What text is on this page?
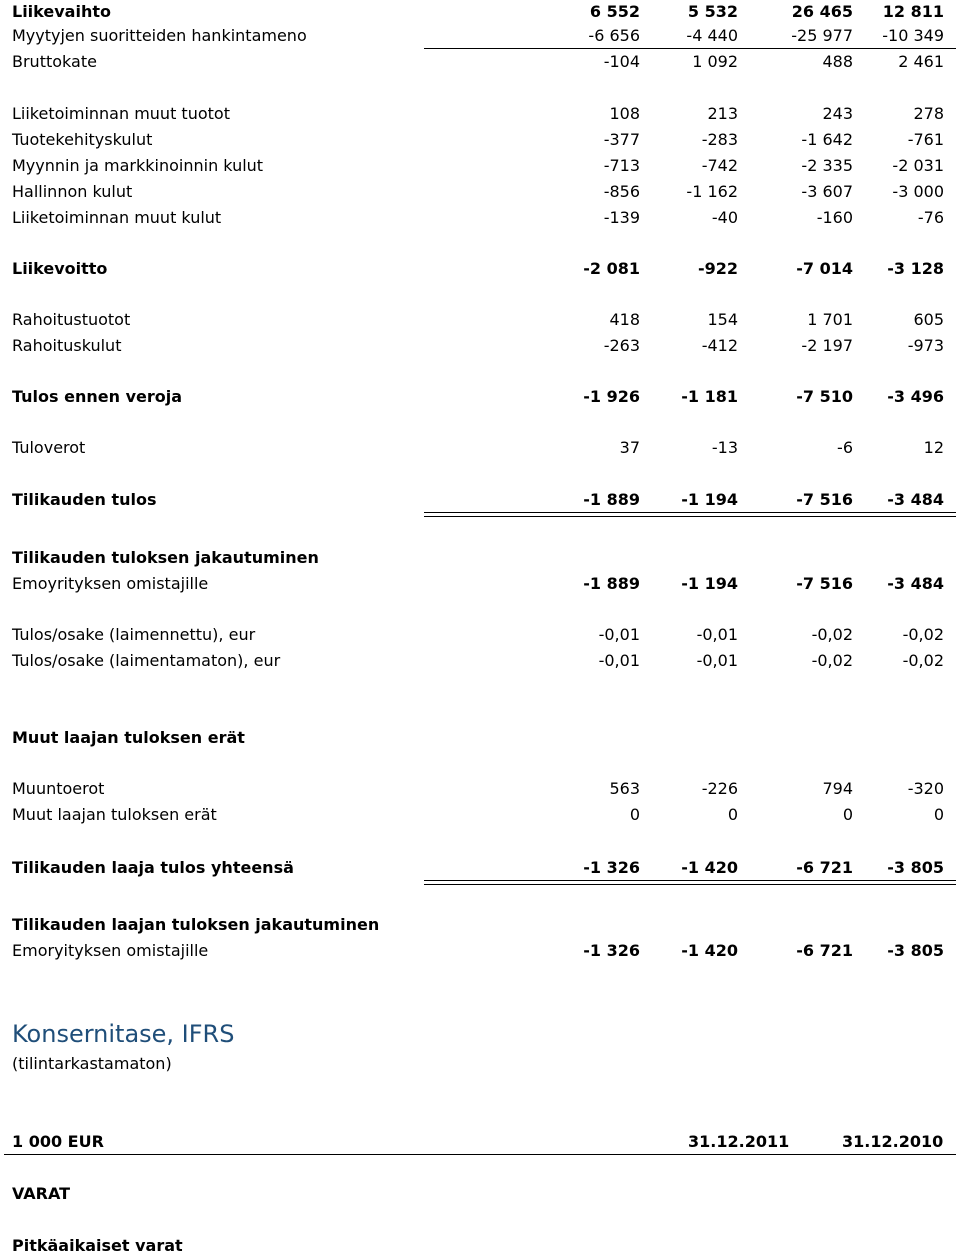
Liikevaihto	6 552	5 532	26 465	12 811
Myytyjen suoritteiden hankintameno	-6 656	-4 440	-25 977	-10 349
Bruttokate	-104	1 092	488	2 461
Liiketoiminnan muut tuotot	108	213	243	278
Tuotekehityskulut	-377	-283	-1 642	-761
Myynnin ja markkinoinnin kulut	-713	-742	-2 335	-2 031
Hallinnon kulut	-856	-1 162	-3 607	-3 000
Liiketoiminnan muut kulut	-139	-40	-160	-76
Liikevoitto	-2 081	-922	-7 014	-3 128
Rahoitustuotot	418	154	1 701	605
Rahoituskulut	-263	-412	-2 197	-973
Tulos ennen veroja	-1 926	-1 181	-7 510	-3 496
Tuloverot	37	-13	-6	12
Tilikauden tulos	-1 889	-1 194	-7 516	-3 484
Tilikauden tuloksen jakautuminen
Emoyrityksen omistajille	-1 889	-1 194	-7 516	-3 484
Tulos/osake (laimennettu), eur	-0,01	-0,01	-0,02	-0,02
Tulos/osake (laimentamaton), eur	-0,01	-0,01	-0,02	-0,02
Muut laajan tuloksen erät
Muuntoerot	563	-226	794	-320
Muut laajan tuloksen erät	0	0	0	0
Tilikauden laaja tulos yhteensä	-1 326	-1 420	-6 721	-3 805
Tilikauden laajan tuloksen jakautuminen
Emoryityksen omistajille	-1 326	-1 420	-6 721	-3 805
Konsernitase, IFRS
(tilintarkastamaton)
1 000 EUR	31.12.2011	31.12.2010
VARAT
Pitkäaikaiset varat
